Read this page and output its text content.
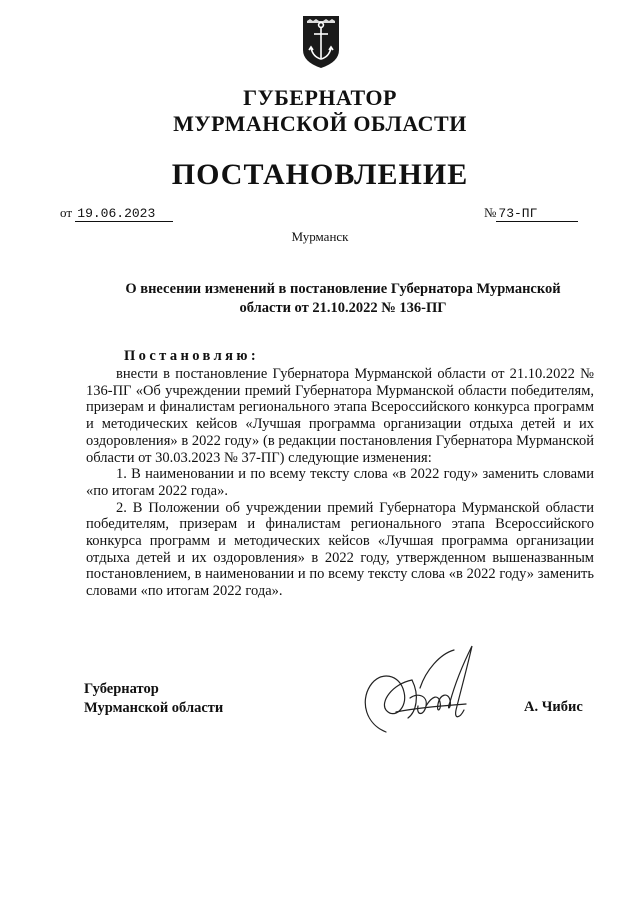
ГУБЕРНАТОР
МУРМАНСКОЙ ОБЛАСТИ
ПОСТАНОВЛЕНИЕ
от 19.06.2023	№ 73-ПГ
Мурманск
О внесении изменений в постановление Губернатора Мурманской области от 21.10.2022 № 136-ПГ
Постановляю:

внести в постановление Губернатора Мурманской области от 21.10.2022 № 136-ПГ «Об учреждении премий Губернатора Мурманской области победителям, призерам и финалистам регионального этапа Всероссийского конкурса программ и методических кейсов «Лучшая программа организации отдыха детей и их оздоровления» в 2022 году» (в редакции постановления Губернатора Мурманской области от 30.03.2023 № 37-ПГ) следующие изменения:

1. В наименовании и по всему тексту слова «в 2022 году» заменить словами «по итогам 2022 года».

2. В Положении об учреждении премий Губернатора Мурманской области победителям, призерам и финалистам регионального этапа Всероссийского конкурса программ и методических кейсов «Лучшая программа организации отдыха детей и их оздоровления» в 2022 году, утвержденном вышеназванным постановлением, в наименовании и по всему тексту слова «в 2022 году» заменить словами «по итогам 2022 года».

Губернатор
Мурманской области	А. Чибис
